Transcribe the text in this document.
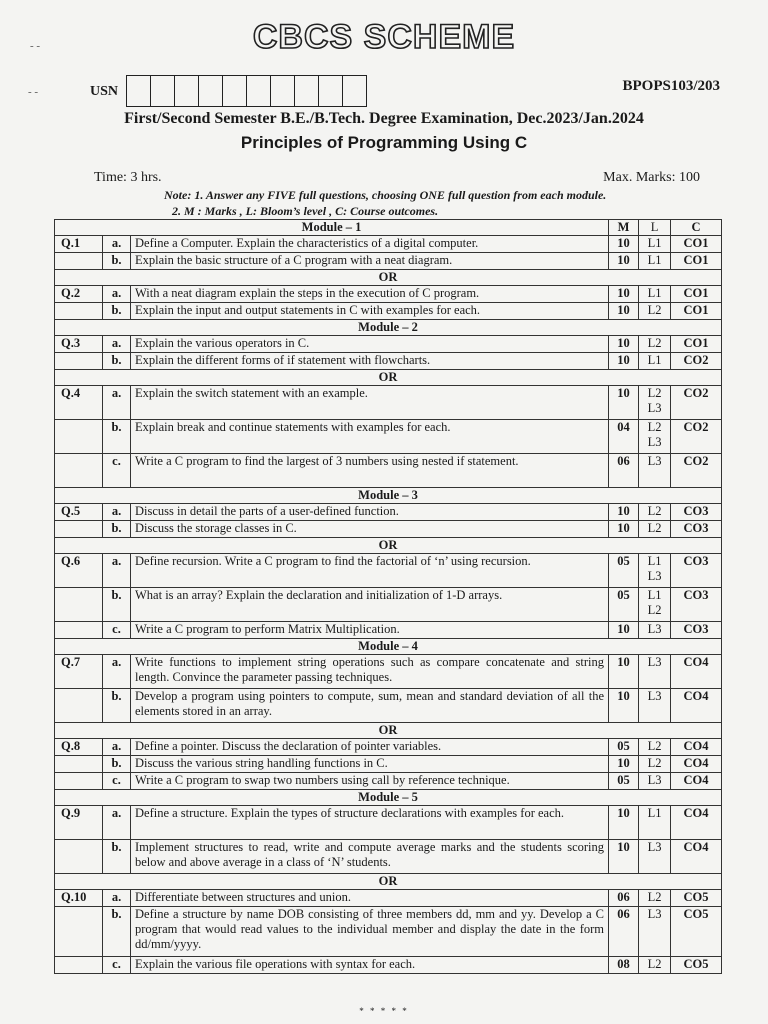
CBCS SCHEME
- -
- -	USN	BPOPS103/203
First/Second Semester B.E./B.Tech. Degree Examination, Dec.2023/Jan.2024
Principles of Programming Using C
Time: 3 hrs.	Max. Marks: 100
Note: 1. Answer any FIVE full questions, choosing ONE full question from each module.
2. M : Marks , L: Bloom’s level , C: Course outcomes.
Module – 1			M	L	C
Q.1	a.	Define a Computer. Explain the characteristics of a digital computer.	10	L1	CO1
	b.	Explain the basic structure of a C program with a neat diagram.	10	L1	CO1
OR					
Q.2	a.	With a neat diagram explain the steps in the execution of C program.	10	L1	CO1
	b.	Explain the input and output statements in C with examples for each.	10	L2	CO1
Module – 2					
Q.3	a.	Explain the various operators in C.	10	L2	CO1
	b.	Explain the different forms of if statement with flowcharts.	10	L1	CO2
OR					
Q.4	a.	Explain the switch statement with an example.	10	L2 L3	CO2
	b.	Explain break and continue statements with examples for each.	04	L2 L3	CO2
	c.	Write a C program to find the largest of 3 numbers using nested if statement.	06	L3	CO2
Module – 3					
Q.5	a.	Discuss in detail the parts of a user-defined function.	10	L2	CO3
	b.	Discuss the storage classes in C.	10	L2	CO3
OR					
Q.6	a.	Define recursion. Write a C program to find the factorial of ‘n’ using recursion.	05	L1 L3	CO3
	b.	What is an array? Explain the declaration and initialization of 1-D arrays.	05	L1 L2	CO3
	c.	Write a C program to perform Matrix Multiplication.	10	L3	CO3
Module – 4					
Q.7	a.	Write functions to implement string operations such as compare concatenate and string length. Convince the parameter passing techniques.	10	L3	CO4
	b.	Develop a program using pointers to compute, sum, mean and standard deviation of all the elements stored in an array.	10	L3	CO4
OR					
Q.8	a.	Define a pointer. Discuss the declaration of pointer variables.	05	L2	CO4
	b.	Discuss the various string handling functions in C.	10	L2	CO4
	c.	Write a C program to swap two numbers using call by reference technique.	05	L3	CO4
Module – 5					
Q.9	a.	Define a structure. Explain the types of structure declarations with examples for each.	10	L1	CO4
	b.	Implement structures to read, write and compute average marks and the students scoring below and above average in a class of ‘N’ students.	10	L3	CO4
OR					
Q.10	a.	Differentiate between structures and union.	06	L2	CO5
	b.	Define a structure by name DOB consisting of three members dd, mm and yy. Develop a C program that would read values to the individual member and display the date in the form dd/mm/yyyy.	06	L3	CO5
	c.	Explain the various file operations with syntax for each.	08	L2	CO5
* * * * *
